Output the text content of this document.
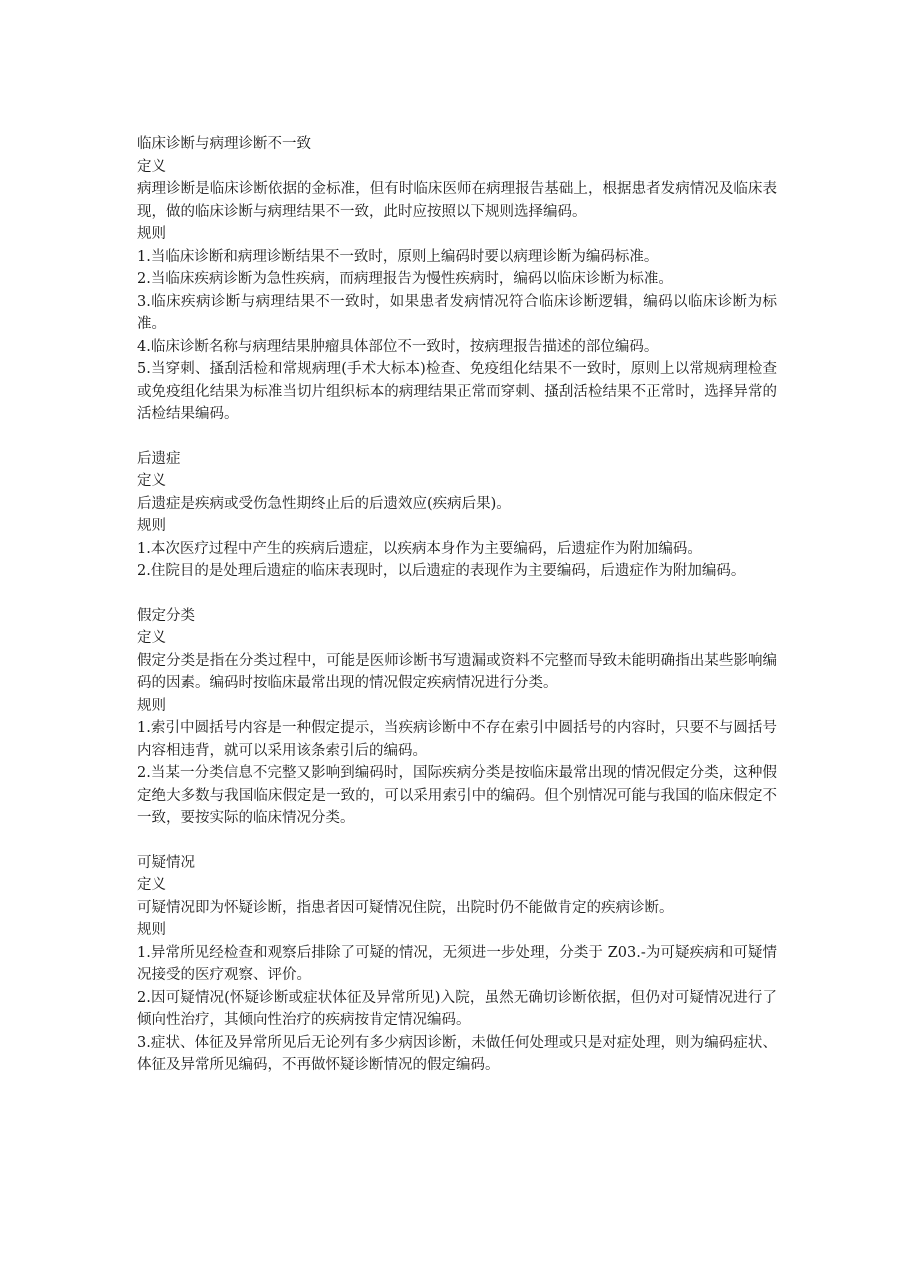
临床诊断与病理诊断不一致
定义
病理诊断是临床诊断依据的金标准，但有时临床医师在病理报告基础上，根据患者发病情况及临床表现，做的临床诊断与病理结果不一致，此时应按照以下规则选择编码。
规则
1.当临床诊断和病理诊断结果不一致时，原则上编码时要以病理诊断为编码标准。
2.当临床疾病诊断为急性疾病，而病理报告为慢性疾病时，编码以临床诊断为标准。
3.临床疾病诊断与病理结果不一致时，如果患者发病情况符合临床诊断逻辑，编码以临床诊断为标准。
4.临床诊断名称与病理结果肿瘤具体部位不一致时，按病理报告描述的部位编码。
5.当穿刺、搔刮活检和常规病理(手术大标本)检查、免疫组化结果不一致时，原则上以常规病理检查或免疫组化结果为标准当切片组织标本的病理结果正常而穿刺、搔刮活检结果不正常时，选择异常的活检结果编码。
后遗症
定义
后遗症是疾病或受伤急性期终止后的后遗效应(疾病后果)。
规则
1.本次医疗过程中产生的疾病后遗症，以疾病本身作为主要编码，后遗症作为附加编码。
2.住院目的是处理后遗症的临床表现时，以后遗症的表现作为主要编码，后遗症作为附加编码。
假定分类
定义
假定分类是指在分类过程中，可能是医师诊断书写遗漏或资料不完整而导致未能明确指出某些影响编码的因素。编码时按临床最常出现的情况假定疾病情况进行分类。
规则
1.索引中圆括号内容是一种假定提示，当疾病诊断中不存在索引中圆括号的内容时，只要不与圆括号内容相违背，就可以采用该条索引后的编码。
2.当某一分类信息不完整又影响到编码时，国际疾病分类是按临床最常出现的情况假定分类，这种假定绝大多数与我国临床假定是一致的，可以采用索引中的编码。但个别情况可能与我国的临床假定不一致，要按实际的临床情况分类。
可疑情况
定义
可疑情况即为怀疑诊断，指患者因可疑情况住院，出院时仍不能做肯定的疾病诊断。
规则
1.异常所见经检查和观察后排除了可疑的情况，无须进一步处理，分类于 Z03.-为可疑疾病和可疑情况接受的医疗观察、评价。
2.因可疑情况(怀疑诊断或症状体征及异常所见)入院，虽然无确切诊断依据，但仍对可疑情况进行了倾向性治疗，其倾向性治疗的疾病按肯定情况编码。
3.症状、体征及异常所见后无论列有多少病因诊断，未做任何处理或只是对症处理，则为编码症状、体征及异常所见编码，不再做怀疑诊断情况的假定编码。
